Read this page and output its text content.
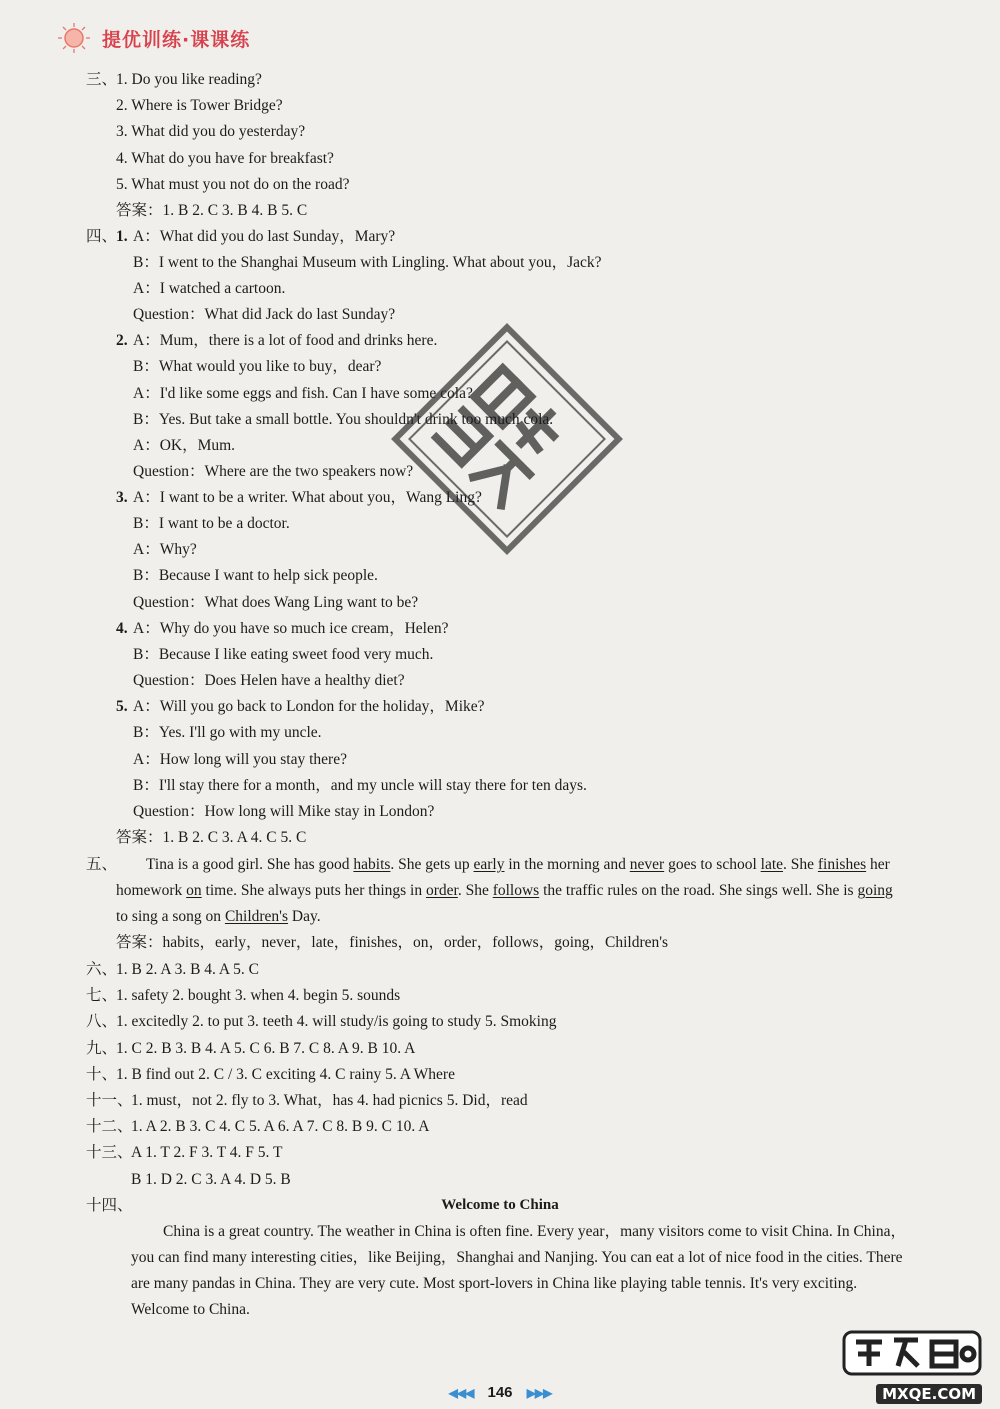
提优训练·课课练
三、
1. Do you like reading?
2. Where is Tower Bridge?
3. What did you do yesterday?
4. What do you have for breakfast?
5. What must you not do on the road?
答案：1. B 2. C 3. B 4. B 5. C
四、
1. A：What did you do last Sunday，Mary?
B：I went to the Shanghai Museum with Lingling. What about you，Jack?
A：I watched a cartoon.
Question：What did Jack do last Sunday?
2. A：Mum，there is a lot of food and drinks here.
B：What would you like to buy，dear?
A：I'd like some eggs and fish. Can I have some cola?
B：Yes. But take a small bottle. You shouldn't drink too much cola.
A：OK，Mum.
Question：Where are the two speakers now?
3. A：I want to be a writer. What about you，Wang Ling?
B：I want to be a doctor.
A：Why?
B：Because I want to help sick people.
Question：What does Wang Ling want to be?
4. A：Why do you have so much ice cream，Helen?
B：Because I like eating sweet food very much.
Question：Does Helen have a healthy diet?
5. A：Will you go back to London for the holiday，Mike?
B：Yes. I'll go with my uncle.
A：How long will you stay there?
B：I'll stay there for a month，and my uncle will stay there for ten days.
Question：How long will Mike stay in London?
答案：1. B 2. C 3. A 4. C 5. C
五、 Tina is a good girl. She has good habits. She gets up early in the morning and never goes to school late. She finishes her
homework on time. She always puts her things in order. She follows the traffic rules on the road. She sings well. She is going
to sing a song on Children's Day.
答案：habits，early，never，late，finishes，on，order，follows，going，Children's
六、
1. B 2. A 3. B 4. A 5. C
七、
1. safety 2. bought 3. when 4. begin 5. sounds
八、
1. excitedly 2. to put 3. teeth 4. will study/is going to study 5. Smoking
九、
1. C 2. B 3. B 4. A 5. C 6. B 7. C 8. A 9. B 10. A
十、
1. B find out 2. C / 3. C exciting 4. C rainy 5. A Where
十一、
1. must，not 2. fly to 3. What，has 4. had picnics 5. Did，read
十二、
1. A 2. B 3. C 4. C 5. A 6. A 7. C 8. B 9. C 10. A
十三、
A 1. T 2. F 3. T 4. F 5. T
B 1. D 2. C 3. A 4. D 5. B
十四、	Welcome to China
China is a great country. The weather in China is often fine. Every year，many visitors come to visit China. In China，
you can find many interesting cities，like Beijing，Shanghai and Nanjing. You can eat a lot of nice food in the cities. There
are many pandas in China. They are very cute. Most sport-lovers in China like playing table tennis. It's very exciting.
Welcome to China.
◀◀◀ 146 ▶▶▶	MXQE.COM
